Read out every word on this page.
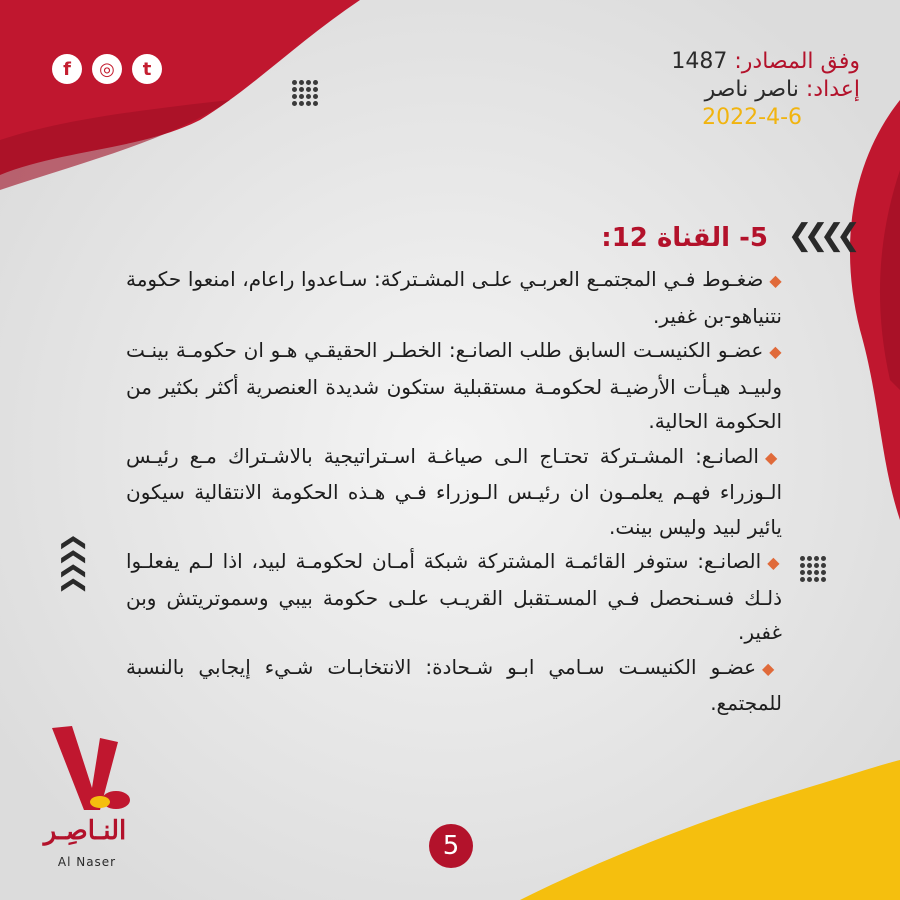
f	◎	t	وفق المصادر: 1487
إعداد: ناصر ناصر
2022-4-6
❮❮❮❮
5- القناة 12:
◆ضغـوط فـي المجتمـع العربـي علـى المشـتركة: سـاعدوا راعام، امنعوا حكومة نتنياهو-بن غفير.
◆عضـو الكنيسـت السابق طلب الصانـع: الخطـر الحقيقـي هـو ان حكومـة بينـت ولبيـد هيـأت الأرضيـة لحكومـة مستقبلية ستكون شديدة العنصرية أكثر بكثير من الحكومة الحالية.
◆الصانـع: المشـتركة تحتـاج الـى صياغـة اسـتراتيجية بالاشـتراك مـع رئيـس الـوزراء فهـم يعلمـون ان رئيـس الـوزراء فـي هـذه الحكومة الانتقالية سيكون يائير لبيد وليس بينت.
◆الصانـع: ستوفر القائمـة المشتركة شبكة أمـان لحكومـة لبيد، اذا لـم يفعلـوا ذلـك فسـنحصل فـي المسـتقبل القريـب علـى حكومة بيبي وسموتريتش وبن غفير.
◆عضـو الكنيسـت سـامي ابـو شـحادة: الانتخابـات شـيء إيجابي بالنسبة للمجتمع.
❮❮❮❮
النـاصِـر
Al Naser
5
